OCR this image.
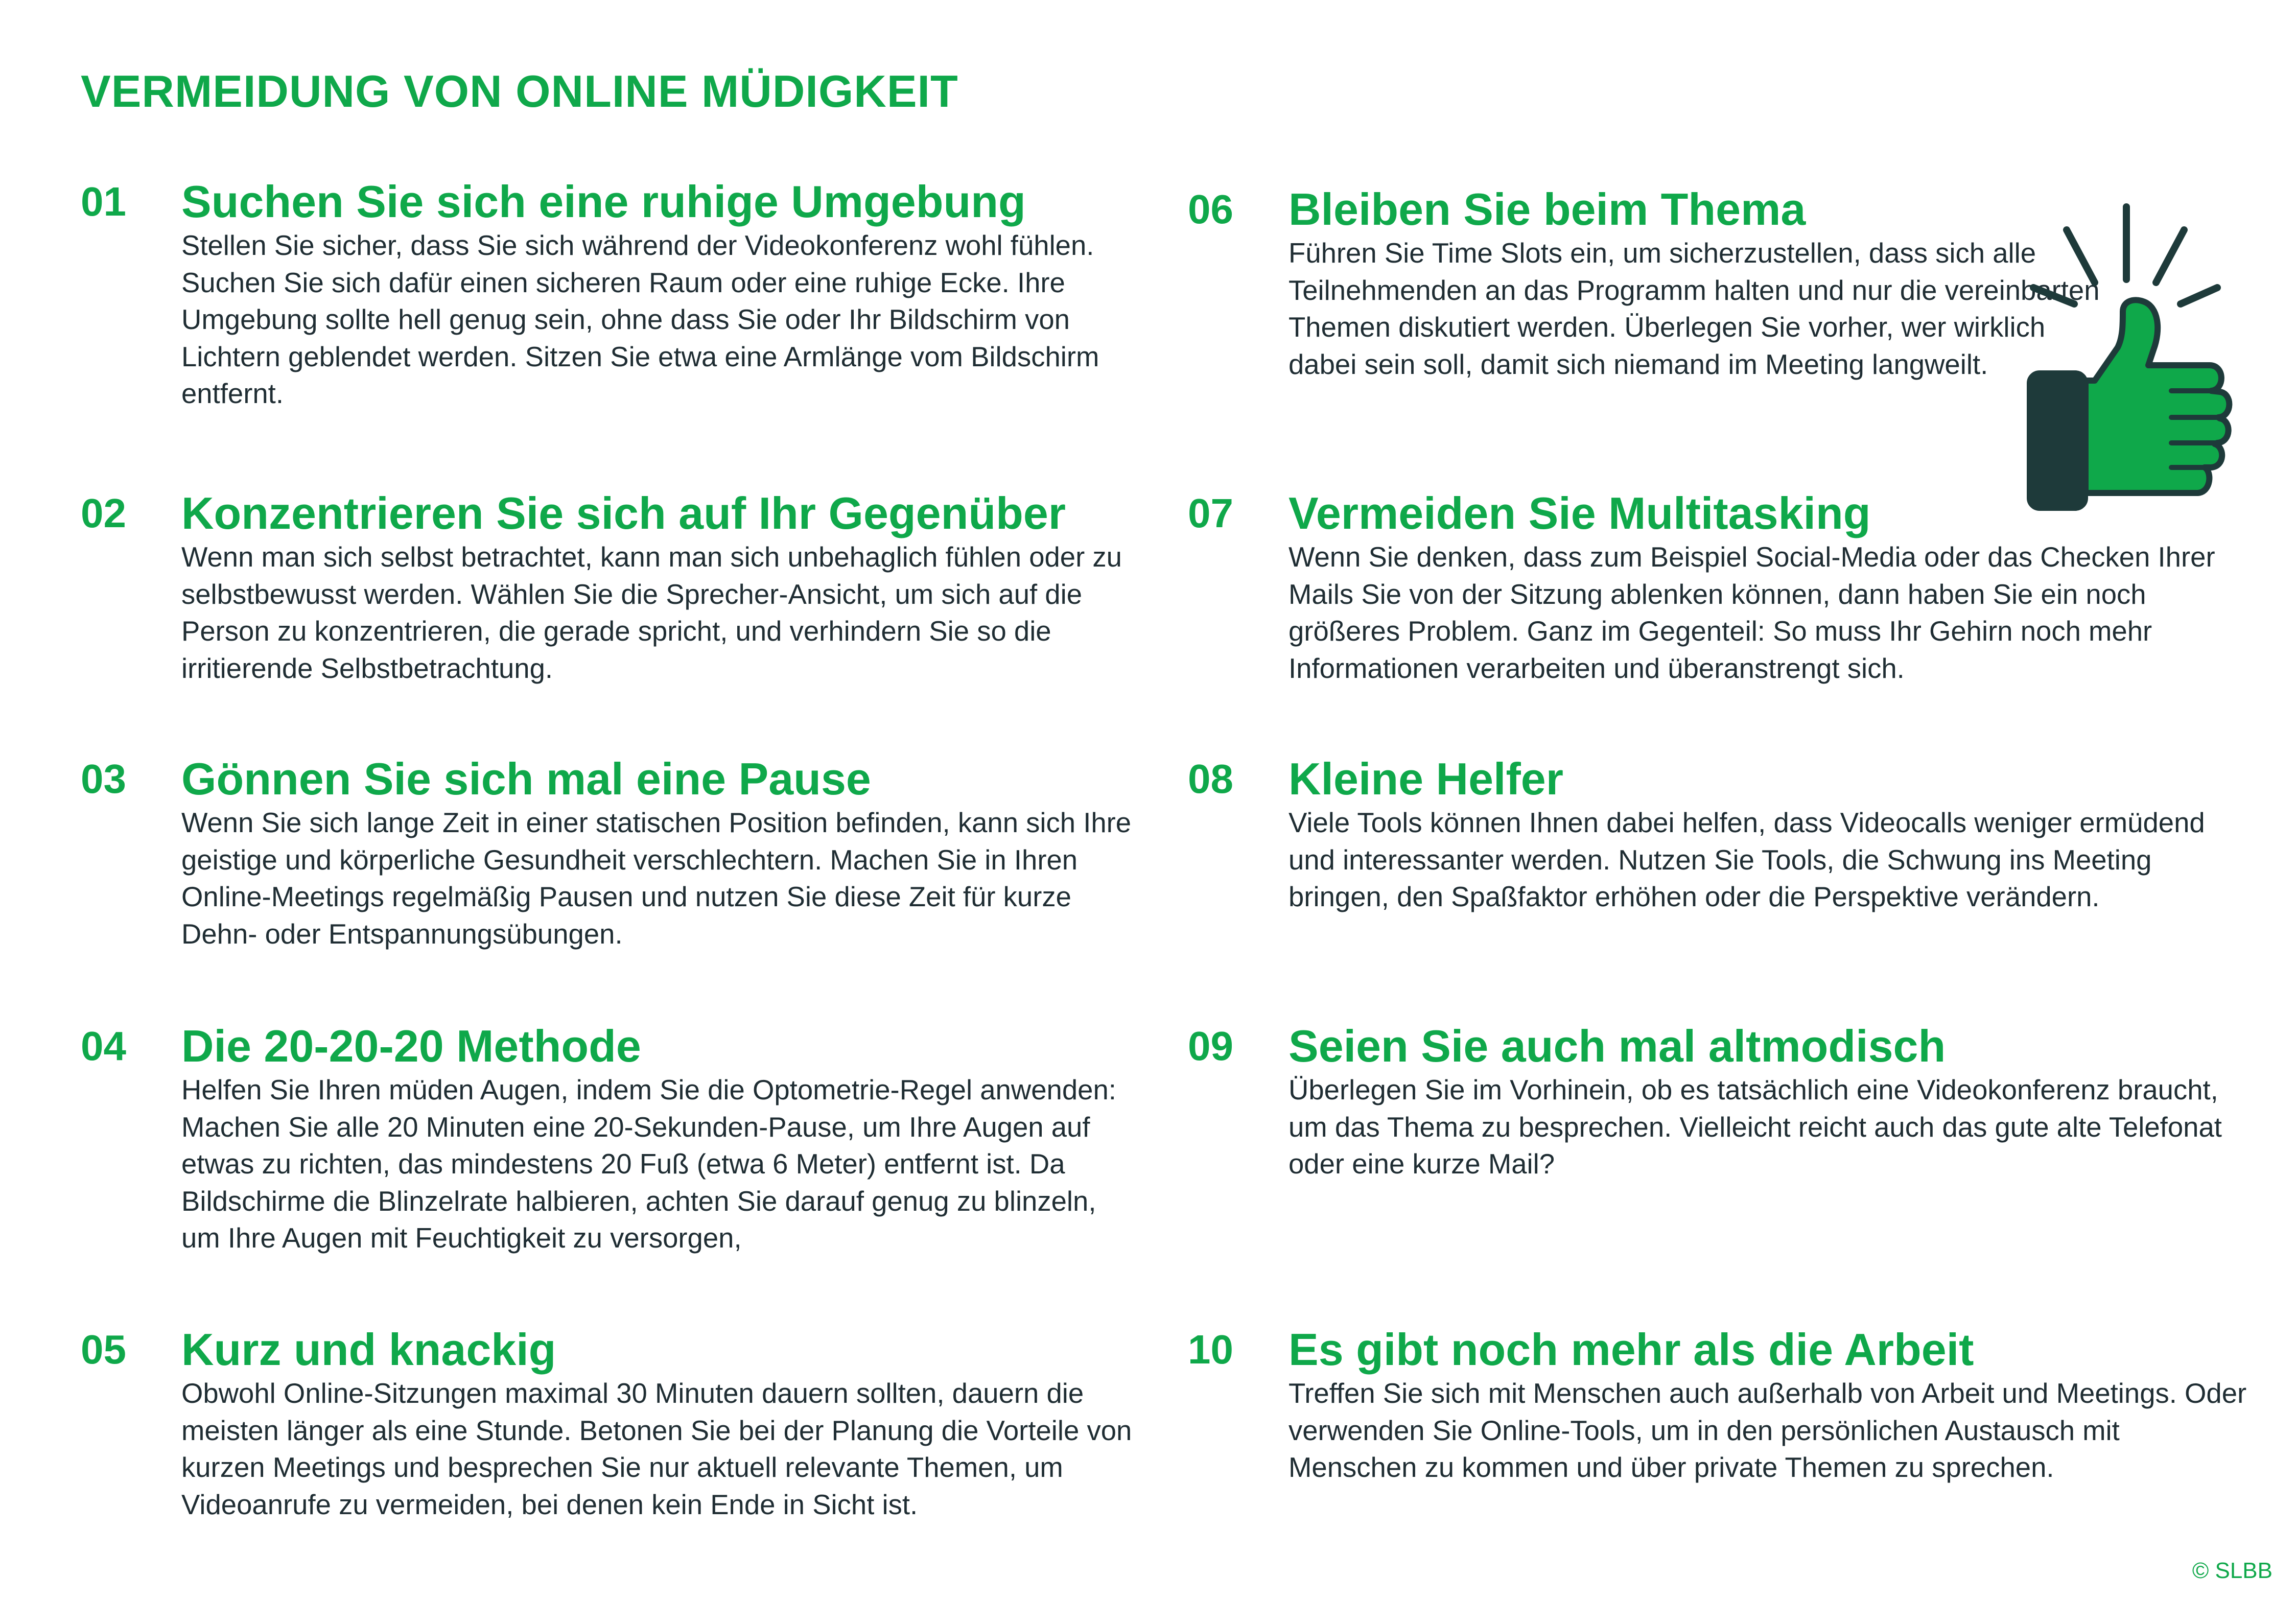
VERMEIDUNG VON ONLINE MÜDIGKEIT
01 Suchen Sie sich eine ruhige Umgebung
Stellen Sie sicher, dass Sie sich während der Videokonferenz wohl fühlen. Suchen Sie sich dafür einen sicheren Raum oder eine ruhige Ecke. Ihre Umgebung sollte hell genug sein, ohne dass Sie oder Ihr Bildschirm von Lichtern geblendet werden. Sitzen Sie etwa eine Armlänge vom Bildschirm entfernt.
02 Konzentrieren Sie sich auf Ihr Gegenüber
Wenn man sich selbst betrachtet, kann man sich unbehaglich fühlen oder zu selbstbewusst werden. Wählen Sie die Sprecher-Ansicht, um sich auf die Person zu konzentrieren, die gerade spricht, und verhindern Sie so die irritierende Selbstbetrachtung.
03 Gönnen Sie sich mal eine Pause
Wenn Sie sich lange Zeit in einer statischen Position befinden, kann sich Ihre geistige und körperliche Gesundheit verschlechtern. Machen Sie in Ihren Online-Meetings regelmäßig Pausen und nutzen Sie diese Zeit für kurze Dehn- oder Entspannungsübungen.
04 Die 20-20-20 Methode
Helfen Sie Ihren müden Augen, indem Sie die Optometrie-Regel anwenden: Machen Sie alle 20 Minuten eine 20-Sekunden-Pause, um Ihre Augen auf etwas zu richten, das mindestens 20 Fuß (etwa 6 Meter) entfernt ist. Da Bildschirme die Blinzelrate halbieren, achten Sie darauf genug zu blinzeln, um Ihre Augen mit Feuchtigkeit zu versorgen,
05 Kurz und knackig
Obwohl Online-Sitzungen maximal 30 Minuten dauern sollten, dauern die meisten länger als eine Stunde. Betonen Sie bei der Planung die Vorteile von kurzen Meetings und besprechen Sie nur aktuell relevante Themen, um Videoanrufe zu vermeiden, bei denen kein Ende in Sicht ist.
06 Bleiben Sie beim Thema
Führen Sie Time Slots ein, um sicherzustellen, dass sich alle Teilnehmenden an das Programm halten und nur die vereinbarten Themen diskutiert werden. Überlegen Sie vorher, wer wirklich dabei sein soll, damit sich niemand im Meeting langweilt.
07 Vermeiden Sie Multitasking
Wenn Sie denken, dass zum Beispiel Social-Media oder das Checken Ihrer Mails Sie von der Sitzung ablenken können, dann haben Sie ein noch größeres Problem. Ganz im Gegenteil: So muss Ihr Gehirn noch mehr Informationen verarbeiten und überanstrengt sich.
08 Kleine Helfer
Viele Tools können Ihnen dabei helfen, dass Videocalls weniger ermüdend und interessanter werden. Nutzen Sie Tools, die Schwung ins Meeting bringen, den Spaßfaktor erhöhen oder die Perspektive verändern.
09 Seien Sie auch mal altmodisch
Überlegen Sie im Vorhinein, ob es tatsächlich eine Videokonferenz braucht, um das Thema zu besprechen. Vielleicht reicht auch das gute alte Telefonat oder eine kurze Mail?
10 Es gibt noch mehr als die Arbeit
Treffen Sie sich mit Menschen auch außerhalb von Arbeit und Meetings. Oder verwenden Sie Online-Tools, um in den persönlichen Austausch mit Menschen zu kommen und über private Themen zu sprechen.
© SLBB
